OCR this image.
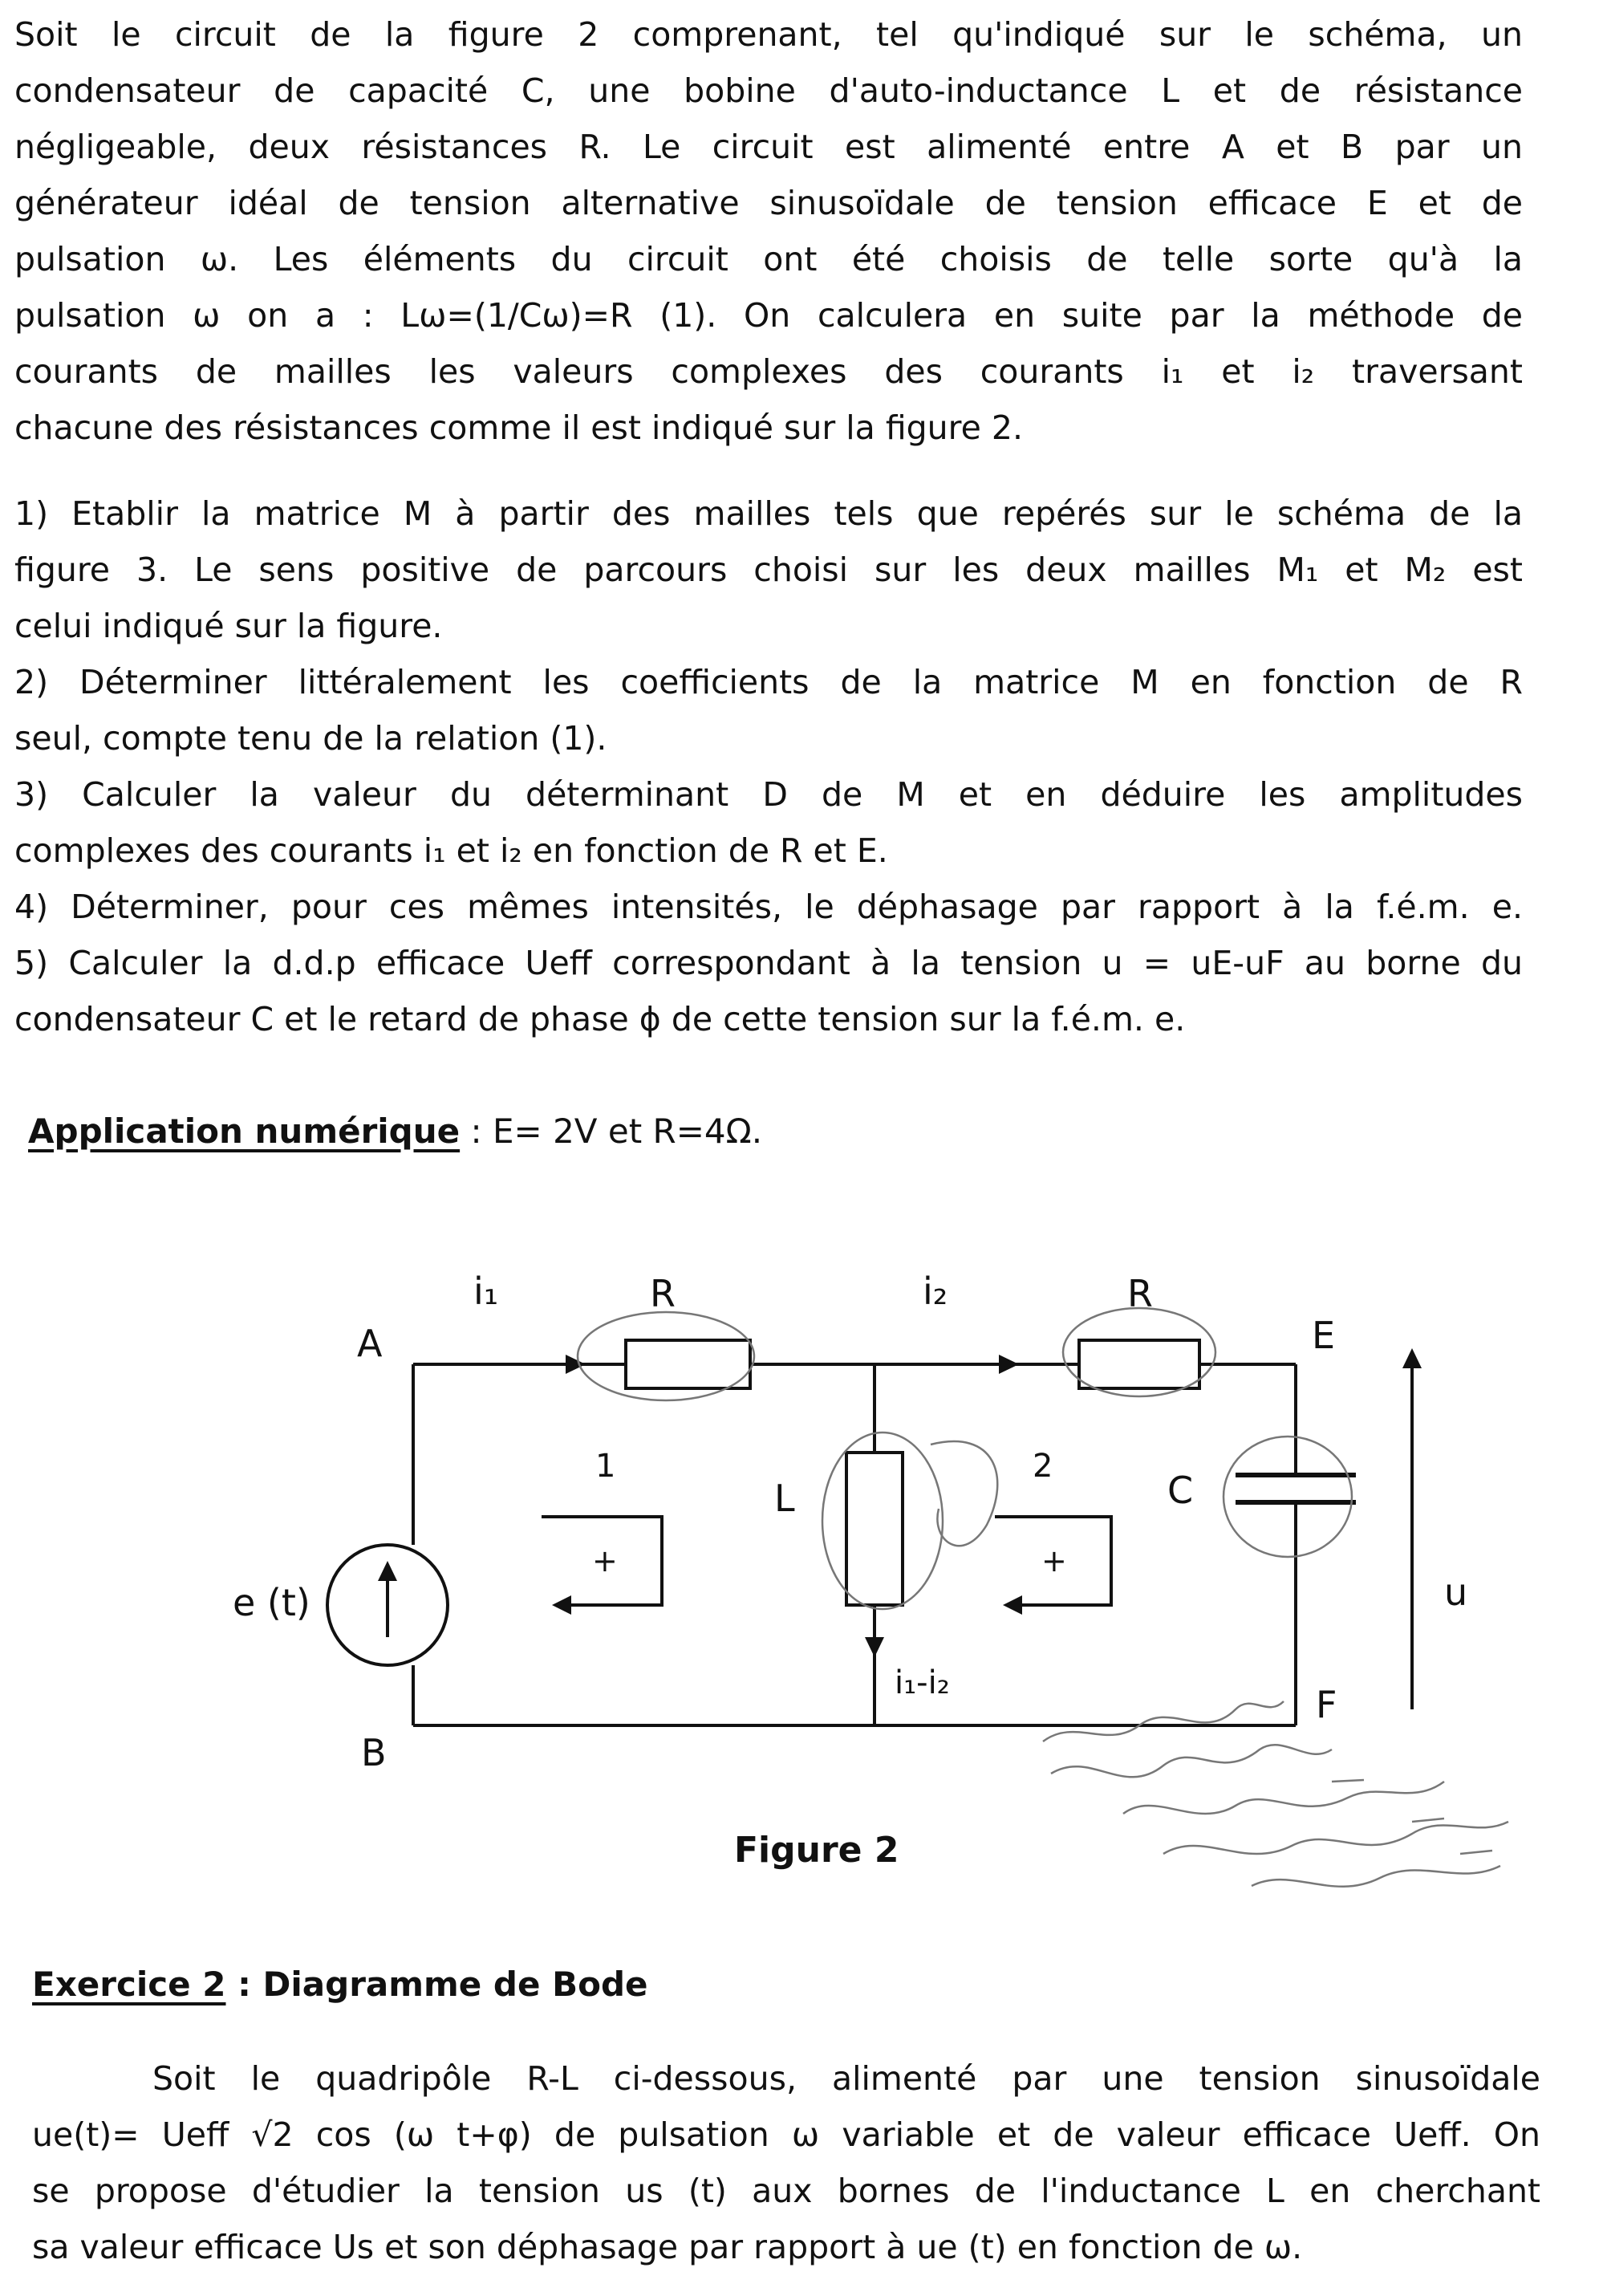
Soit le circuit de la figure 2 comprenant, tel qu'indiqué sur le schéma, un
condensateur de capacité C, une bobine d'auto-inductance L et de résistance
négligeable, deux résistances R. Le circuit est alimenté entre A et B par un
générateur idéal de tension alternative sinusoïdale de tension efficace E et de
pulsation ω. Les éléments du circuit ont été choisis de telle sorte qu'à la
pulsation ω on a : Lω=(1/Cω)=R (1). On calculera en suite par la méthode de
courants de mailles les valeurs complexes des courants i₁ et i₂ traversant
chacune des résistances comme il est indiqué sur la figure 2.
1) Etablir la matrice M à partir des mailles tels que repérés sur le schéma de la
figure 3. Le sens positive de parcours choisi sur les deux mailles M₁ et M₂ est
celui indiqué sur la figure.
2) Déterminer littéralement les coefficients de la matrice M en fonction de R
seul, compte tenu de la relation (1).
3) Calculer la valeur du déterminant D de M et en déduire les amplitudes
complexes des courants i₁ et i₂ en fonction de R et E.
4) Déterminer, pour ces mêmes intensités, le déphasage par rapport à la f.é.m. e.
5) Calculer la d.d.p efficace Ueff correspondant à la tension u = uE-uF au borne du
condensateur C et le retard de phase ϕ de cette tension sur la f.é.m. e.
Application numérique : E= 2V et R=4Ω.
A
B
E
F
i₁	i₂
i₁-i₂
R	R
L	C
e (t)	u
1	2
+	+
Figure 2
Exercice 2 : Diagramme de Bode
Soit le quadripôle R-L ci-dessous, alimenté par une tension sinusoïdale
ue(t)= Ueff √2 cos (ω t+φ) de pulsation ω variable et de valeur efficace Ueff. On
se propose d'étudier la tension us (t) aux bornes de l'inductance L en cherchant
sa valeur efficace Us et son déphasage par rapport à ue (t) en fonction de ω.
